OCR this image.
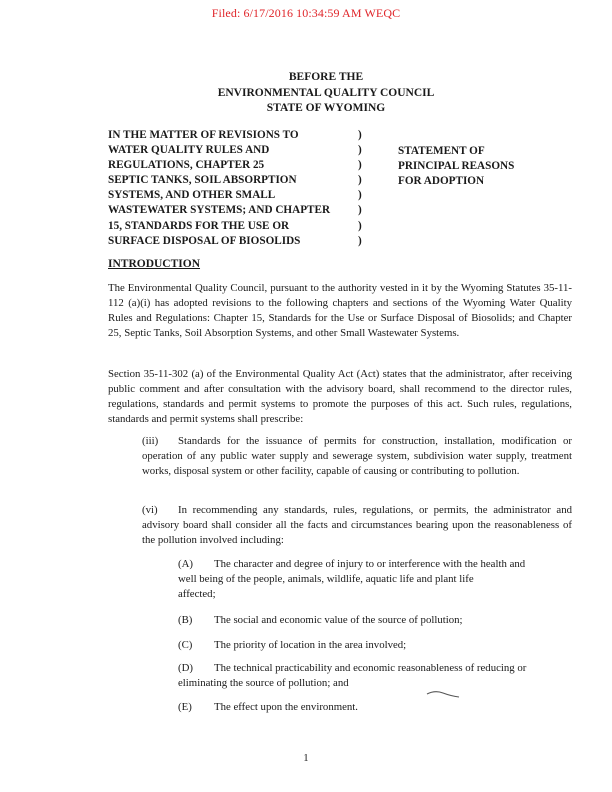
Filed: 6/17/2016 10:34:59 AM WEQC
BEFORE THE
ENVIRONMENTAL QUALITY COUNCIL
STATE OF WYOMING
IN THE MATTER OF REVISIONS TO
WATER QUALITY RULES AND
REGULATIONS, CHAPTER 25
SEPTIC TANKS, SOIL ABSORPTION
SYSTEMS, AND OTHER SMALL
WASTEWATER SYSTEMS; AND CHAPTER
15, STANDARDS FOR THE USE OR
SURFACE DISPOSAL OF BIOSOLIDS
)
)
)
)
)
)
)
)
STATEMENT OF
PRINCIPAL REASONS
FOR ADOPTION
INTRODUCTION
The Environmental Quality Council, pursuant to the authority vested in it by the Wyoming Statutes 35-11-112 (a)(i) has adopted revisions to the following chapters and sections of the Wyoming Water Quality Rules and Regulations: Chapter 15, Standards for the Use or Surface Disposal of Biosolids; and Chapter 25, Septic Tanks, Soil Absorption Systems, and other Small Wastewater Systems.
Section 35-11-302 (a) of the Environmental Quality Act (Act) states that the administrator, after receiving public comment and after consultation with the advisory board, shall recommend to the director rules, regulations, standards and permit systems to promote the purposes of this act. Such rules, regulations, standards and permit systems shall prescribe:
(iii) Standards for the issuance of permits for construction, installation, modification or operation of any public water supply and sewerage system, subdivision water supply, treatment works, disposal system or other facility, capable of causing or contributing to pollution.
(vi) In recommending any standards, rules, regulations, or permits, the administrator and advisory board shall consider all the facts and circumstances bearing upon the reasonableness of the pollution involved including:
(A) The character and degree of injury to or interference with the health and
well being of the people, animals, wildlife, aquatic life and plant life
affected;
(B) The social and economic value of the source of pollution;
(C) The priority of location in the area involved;
(D) The technical practicability and economic reasonableness of reducing or
eliminating the source of pollution; and
(E) The effect upon the environment.
1
